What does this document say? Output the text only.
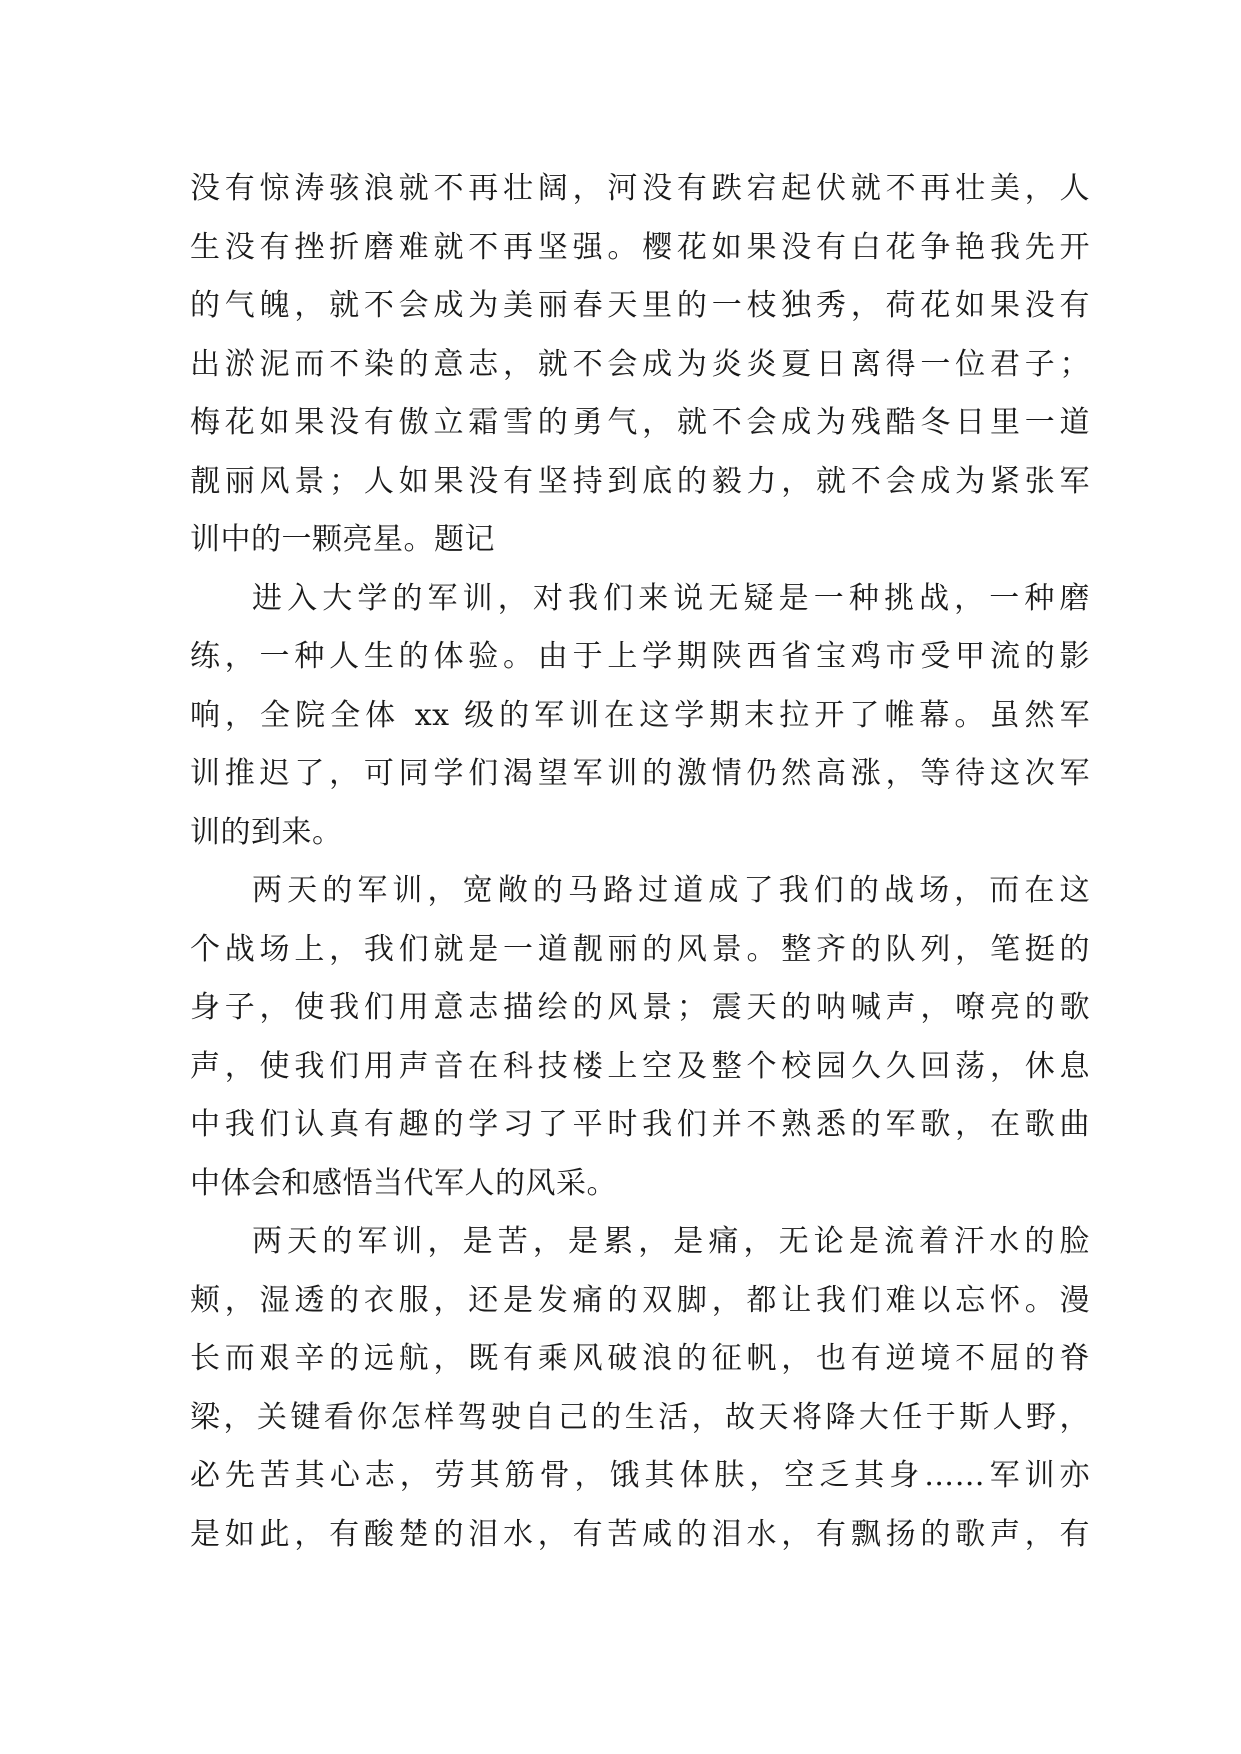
没有惊涛骇浪就不再壮阔，河没有跌宕起伏就不再壮美，人
生没有挫折磨难就不再坚强。樱花如果没有白花争艳我先开
的气魄，就不会成为美丽春天里的一枝独秀，荷花如果没有
出淤泥而不染的意志，就不会成为炎炎夏日离得一位君子；
梅花如果没有傲立霜雪的勇气，就不会成为残酷冬日里一道
靓丽风景；人如果没有坚持到底的毅力，就不会成为紧张军
训中的一颗亮星。题记
进入大学的军训，对我们来说无疑是一种挑战，一种磨
练，一种人生的体验。由于上学期陕西省宝鸡市受甲流的影
响，全院全体 xx 级的军训在这学期末拉开了帷幕。虽然军
训推迟了，可同学们渴望军训的激情仍然高涨，等待这次军
训的到来。
两天的军训，宽敞的马路过道成了我们的战场，而在这
个战场上，我们就是一道靓丽的风景。整齐的队列，笔挺的
身子，使我们用意志描绘的风景；震天的呐喊声，嘹亮的歌
声，使我们用声音在科技楼上空及整个校园久久回荡，休息
中我们认真有趣的学习了平时我们并不熟悉的军歌，在歌曲
中体会和感悟当代军人的风采。
两天的军训，是苦，是累，是痛，无论是流着汗水的脸
颊，湿透的衣服，还是发痛的双脚，都让我们难以忘怀。漫
长而艰辛的远航，既有乘风破浪的征帆，也有逆境不屈的脊
梁，关键看你怎样驾驶自己的生活，故天将降大任于斯人野，
必先苦其心志，劳其筋骨，饿其体肤，空乏其身……军训亦
是如此，有酸楚的泪水，有苦咸的泪水，有飘扬的歌声，有
